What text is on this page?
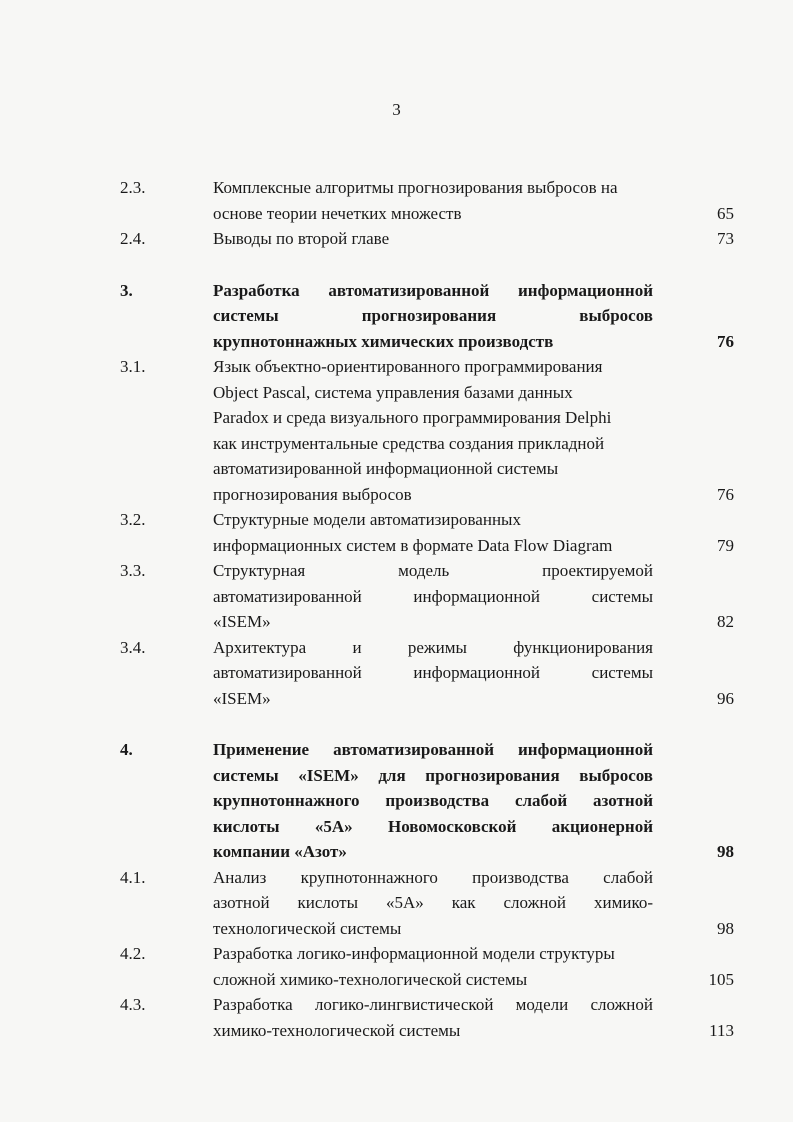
3
2.3.	Комплексные алгоритмы прогнозирования выбросов на
основе теории нечетких множеств	65
2.4.	Выводы по второй главе	73
3.	Разработка автоматизированной информационной
системы прогнозирования выбросов
крупнотоннажных химических производств	76
3.1.	Язык объектно-ориентированного программирования
Object Pascal, система управления базами данных
Paradox и среда визуального программирования Delphi
как инструментальные средства создания прикладной
автоматизированной информационной системы
прогнозирования выбросов	76
3.2.	Структурные модели автоматизированных
информационных систем в формате Data Flow Diagram	79
3.3.	Структурная модель проектируемой
автоматизированной информационной системы
«ISEM»	82
3.4.	Архитектура и режимы функционирования
автоматизированной информационной системы
«ISEM»	96
4.	Применение автоматизированной информационной
системы «ISEM» для прогнозирования выбросов
крупнотоннажного производства слабой азотной
кислоты «5А» Новомосковской акционерной
компании «Азот»	98
4.1.	Анализ крупнотоннажного производства слабой
азотной кислоты «5А» как сложной химико-
технологической системы	98
4.2.	Разработка логико-информационной модели структуры
сложной химико-технологической системы	105
4.3.	Разработка логико-лингвистической модели сложной
химико-технологической системы	113
